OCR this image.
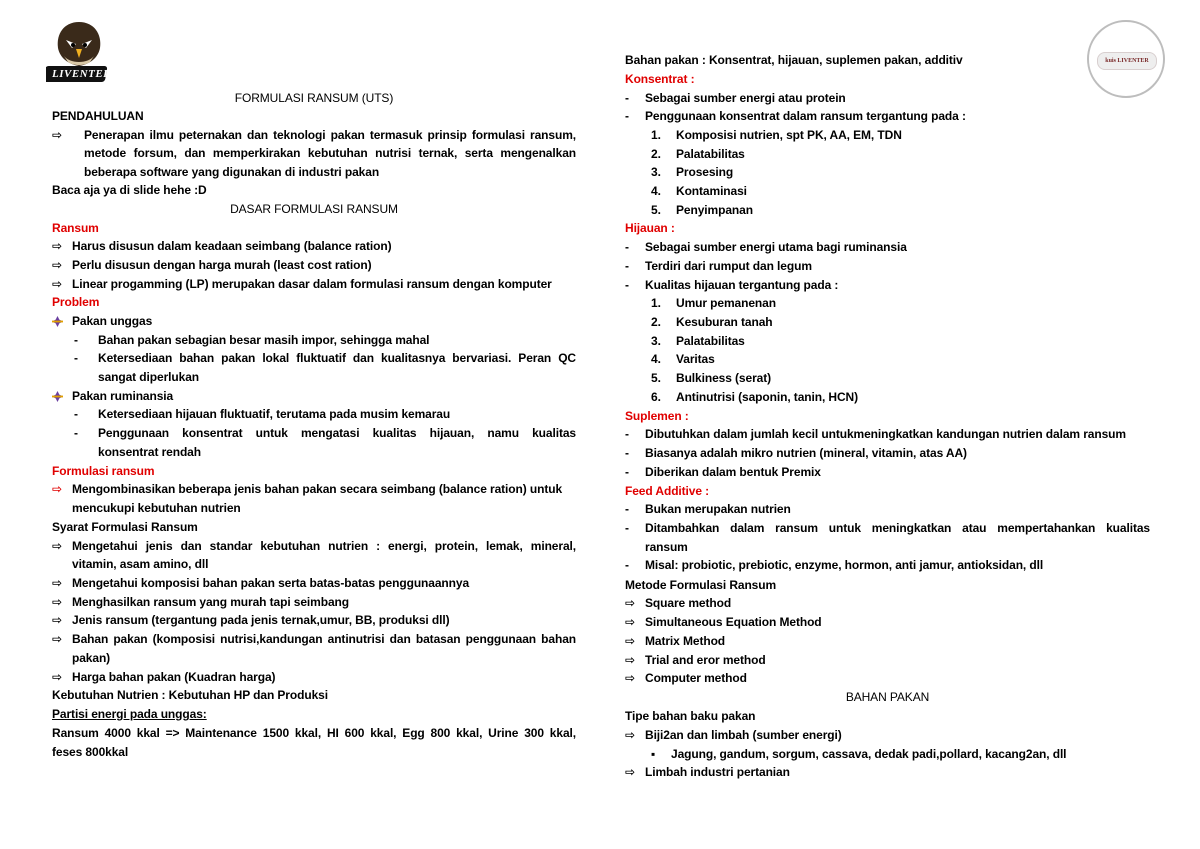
LIVENTER
kuis LIVENTER
FORMULASI RANSUM (UTS)
PENDAHULUAN
⇨ Penerapan ilmu peternakan dan teknologi pakan termasuk prinsip formulasi ransum,
metode forsum, dan memperkirakan kebutuhan nutrisi ternak, serta mengenalkan
beberapa software yang digunakan di industri pakan
Baca aja ya di slide hehe :D
DASAR FORMULASI RANSUM
Ransum
⇨ Harus disusun dalam keadaan seimbang (balance ration)
⇨ Perlu disusun dengan harga murah (least cost ration)
⇨ Linear progamming (LP) merupakan dasar dalam formulasi ransum dengan komputer
Problem
Pakan unggas
- Bahan pakan sebagian besar masih impor, sehingga mahal
- Ketersediaan bahan pakan lokal fluktuatif dan kualitasnya bervariasi. Peran QC
sangat diperlukan
Pakan ruminansia
- Ketersediaan hijauan fluktuatif, terutama pada musim kemarau
- Penggunaan konsentrat untuk mengatasi kualitas hijauan, namu kualitas
konsentrat rendah
Formulasi ransum
⇨ Mengombinasikan beberapa jenis bahan pakan secara seimbang (balance ration) untuk
mencukupi kebutuhan nutrien
Syarat Formulasi Ransum
⇨ Mengetahui jenis dan standar kebutuhan nutrien : energi, protein, lemak, mineral,
vitamin, asam amino, dll
⇨ Mengetahui komposisi bahan pakan serta batas-batas penggunaannya
⇨ Menghasilkan ransum yang murah tapi seimbang
⇨ Jenis ransum (tergantung pada jenis ternak,umur, BB, produksi dll)
⇨ Bahan pakan (komposisi nutrisi,kandungan antinutrisi dan batasan penggunaan bahan
pakan)
⇨ Harga bahan pakan (Kuadran harga)
Kebutuhan Nutrien : Kebutuhan HP dan Produksi
Partisi energi pada unggas:
Ransum 4000 kkal => Maintenance 1500 kkal, HI 600 kkal, Egg 800 kkal, Urine 300 kkal,
feses 800kkal
Bahan pakan : Konsentrat, hijauan, suplemen pakan, additiv
Konsentrat :
- Sebagai sumber energi atau protein
- Penggunaan konsentrat dalam ransum tergantung pada :
1. Komposisi nutrien, spt PK, AA, EM, TDN
2. Palatabilitas
3. Prosesing
4. Kontaminasi
5. Penyimpanan
Hijauan :
- Sebagai sumber energi utama bagi ruminansia
- Terdiri dari rumput dan legum
- Kualitas hijauan tergantung pada :
1. Umur pemanenan
2. Kesuburan tanah
3. Palatabilitas
4. Varitas
5. Bulkiness (serat)
6. Antinutrisi (saponin, tanin, HCN)
Suplemen :
- Dibutuhkan dalam jumlah kecil untukmeningkatkan kandungan nutrien dalam ransum
- Biasanya adalah mikro nutrien (mineral, vitamin, atas AA)
- Diberikan dalam bentuk Premix
Feed Additive :
- Bukan merupakan nutrien
- Ditambahkan dalam ransum untuk meningkatkan atau mempertahankan kualitas
ransum
- Misal: probiotic, prebiotic, enzyme, hormon, anti jamur, antioksidan, dll
Metode Formulasi Ransum
⇨ Square method
⇨ Simultaneous Equation Method
⇨ Matrix Method
⇨ Trial and eror method
⇨ Computer method
BAHAN PAKAN
Tipe bahan baku pakan
⇨ Biji2an dan limbah (sumber energi)
▪ Jagung, gandum, sorgum, cassava, dedak padi,pollard, kacang2an, dll
⇨ Limbah industri pertanian
